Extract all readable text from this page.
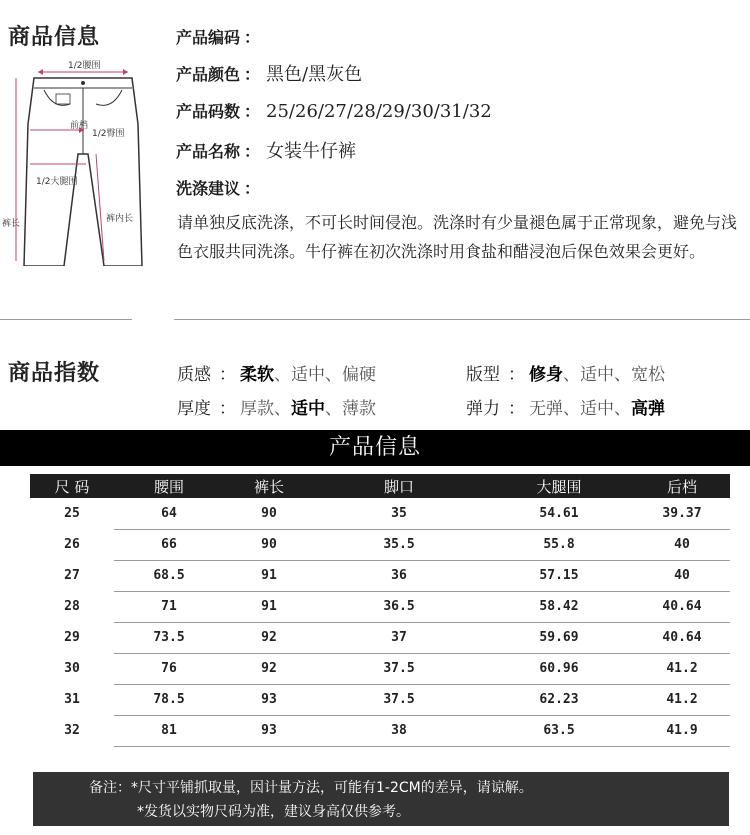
商品信息
1/2腰围
1/2臀围
前档
1/2大腿围
裤长	裤内长
产品编码 ：
产品颜色 ： 黑色/黑灰色
产品码数 ： 25/26/27/28/29/30/31/32
产品名称 ： 女装牛仔裤
洗涤建议 ：
请单独反底洗涤，不可长时间侵泡。洗涤时有少量褪色属于正常现象，避免与浅色衣服共同洗涤。牛仔裤在初次洗涤时用食盐和醋浸泡后保色效果会更好。
商品指数	质感 ： 柔软、适中、偏硬	版型 ： 修身、适中、宽松
厚度 ： 厚款、适中、薄款	弹力 ： 无弹、适中、高弹
产品信息
尺 码	腰围	裤长	脚口	大腿围	后档
25	64	90	35	54.61	39.37
26	66	90	35.5	55.8	40
27	68.5	91	36	57.15	40
28	71	91	36.5	58.42	40.64
29	73.5	92	37	59.69	40.64
30	76	92	37.5	60.96	41.2
31	78.5	93	37.5	62.23	41.2
32	81	93	38	63.5	41.9
备注：*尺寸平铺抓取量，因计量方法，可能有1-2CM的差异，请谅解。
*发货以实物尺码为准，建议身高仅供参考。
